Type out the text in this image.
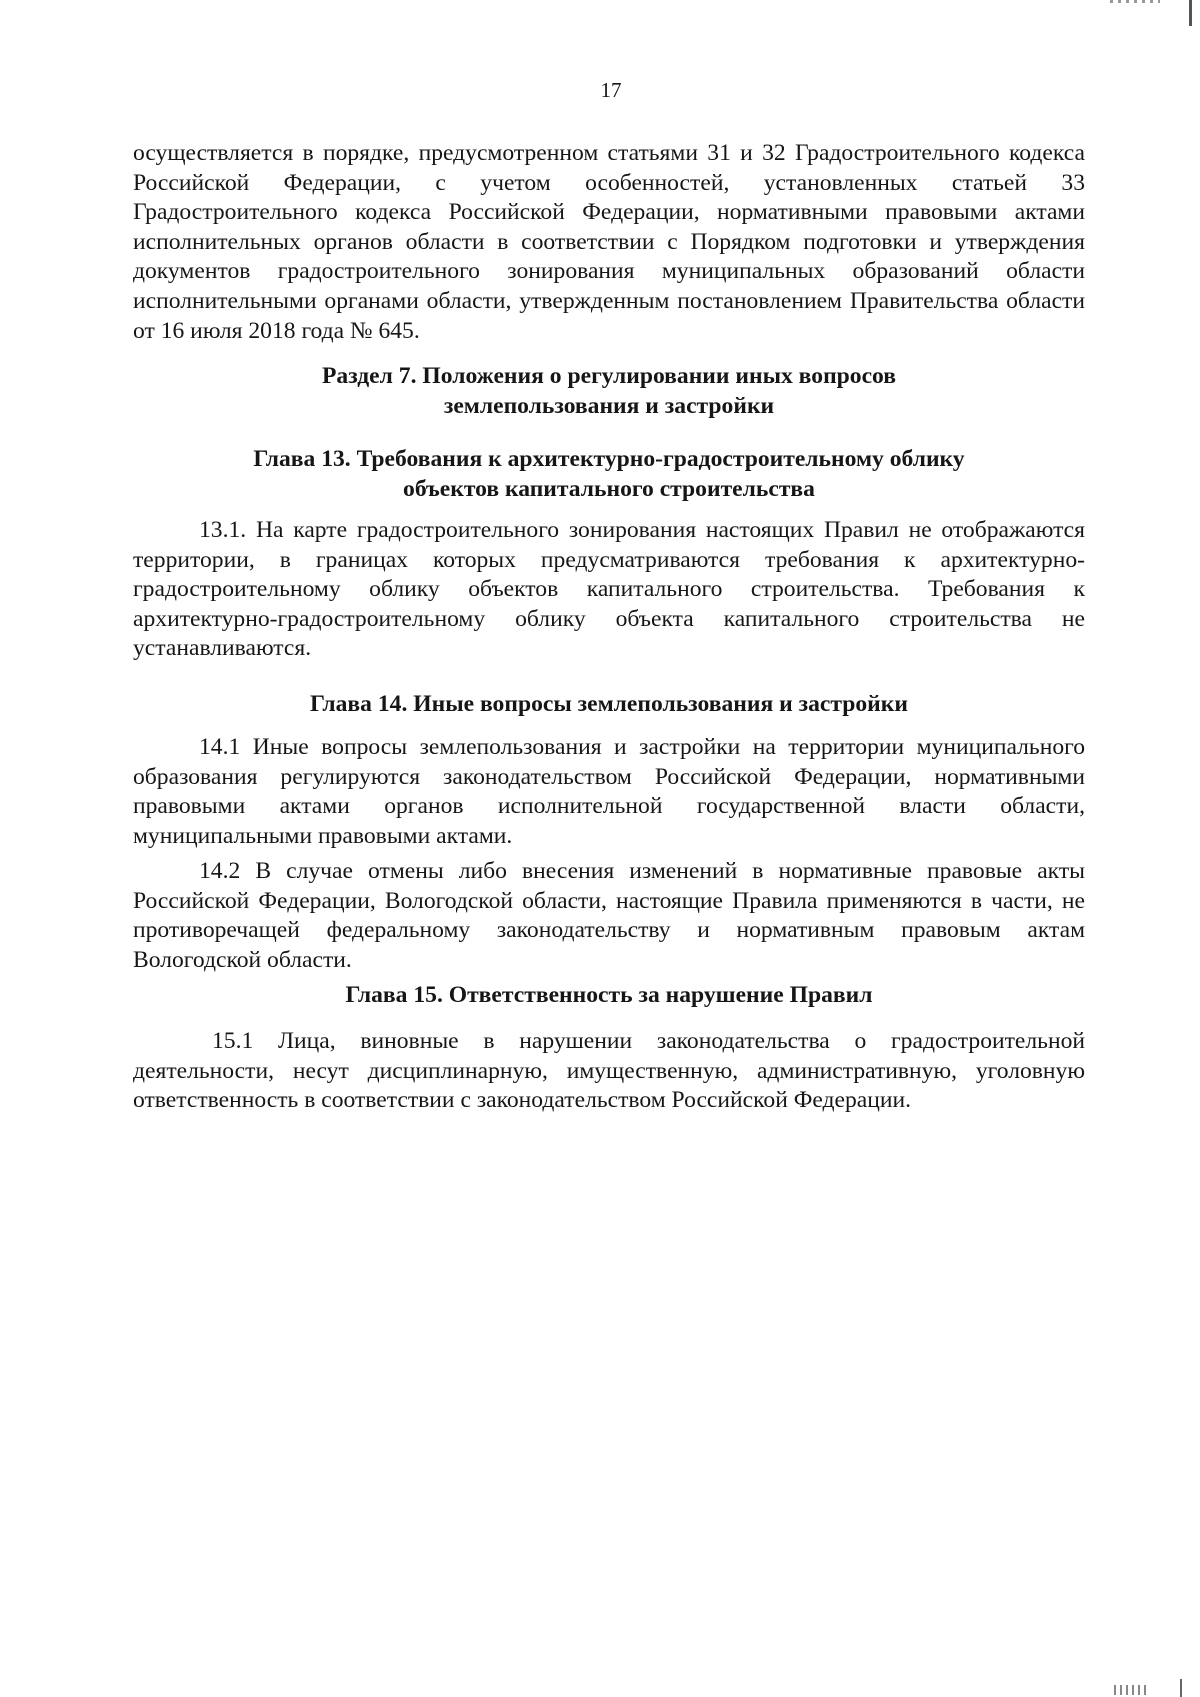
17

осуществляется в порядке, предусмотренном статьями 31 и 32 Градостроительного кодекса Российской Федерации, с учетом особенностей, установленных статьей 33 Градостроительного кодекса Российской Федерации, нормативными правовыми актами исполнительных органов области в соответствии с Порядком подготовки и утверждения документов градостроительного зонирования муниципальных образований области исполнительными органами области, утвержденным постановлением Правительства области от 16 июля 2018 года № 645.

Раздел 7. Положения о регулировании иных вопросов
землепользования и застройки
Глава 13. Требования к архитектурно-градостроительному облику
объектов капитального строительства

13.1. На карте градостроительного зонирования настоящих Правил не отображаются территории, в границах которых предусматриваются требования к архитектурно-градостроительному облику объектов капитального строительства. Требования к архитектурно-градостроительному облику объекта капитального строительства не устанавливаются.

Глава 14. Иные вопросы землепользования и застройки

14.1 Иные вопросы землепользования и застройки на территории муниципального образования регулируются законодательством Российской Федерации, нормативными правовыми актами органов исполнительной государственной власти области, муниципальными правовыми актами.

14.2 В случае отмены либо внесения изменений в нормативные правовые акты Российской Федерации, Вологодской области, настоящие Правила применяются в части, не противоречащей федеральному законодательству и нормативным правовым актам Вологодской области.

Глава 15. Ответственность за нарушение Правил

15.1 Лица, виновные в нарушении законодательства о градостроительной деятельности, несут дисциплинарную, имущественную, административную, уголовную ответственность в соответствии с законодательством Российской Федерации.
